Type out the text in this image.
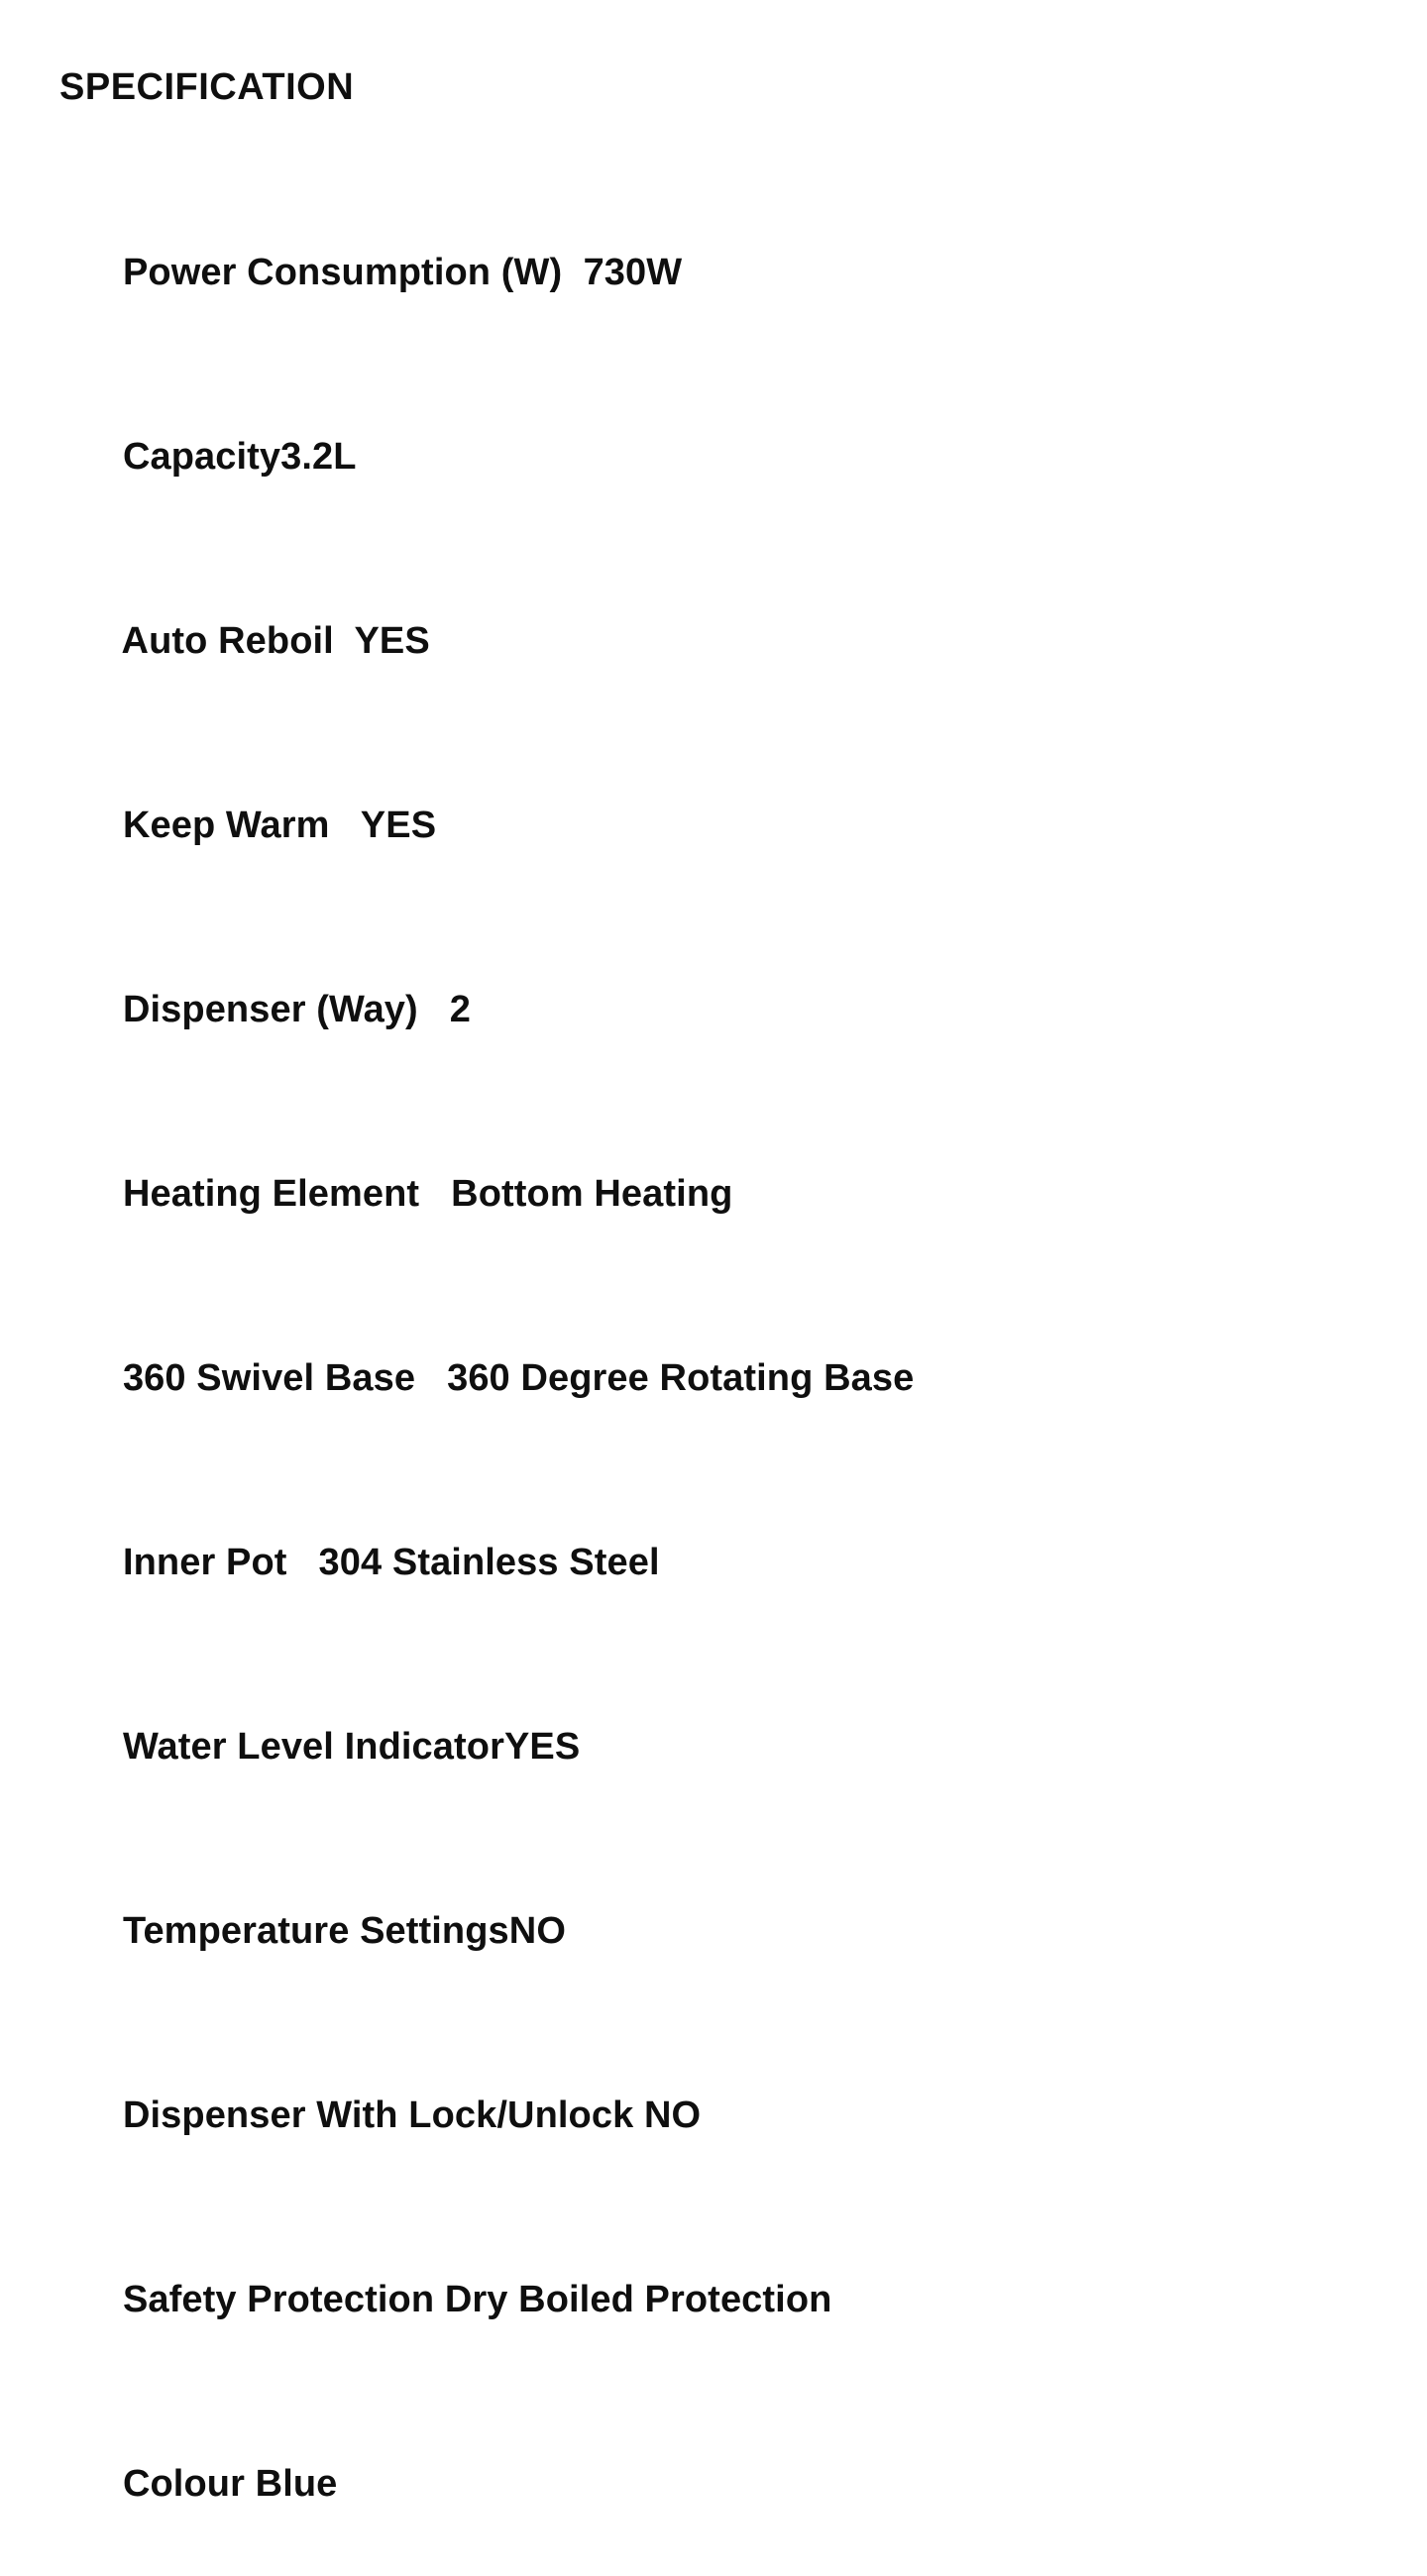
SPECIFICATION

Power Consumption (W) 730W

Capacity3.2L

Auto Reboil YES

Keep Warm YES

Dispenser (Way) 2

Heating Element Bottom Heating

360 Swivel Base 360 Degree Rotating Base

Inner Pot 304 Stainless Steel

Water Level IndicatorYES

Temperature SettingsNO

Dispenser With Lock/Unlock NO

Safety Protection Dry Boiled Protection

Colour Blue
